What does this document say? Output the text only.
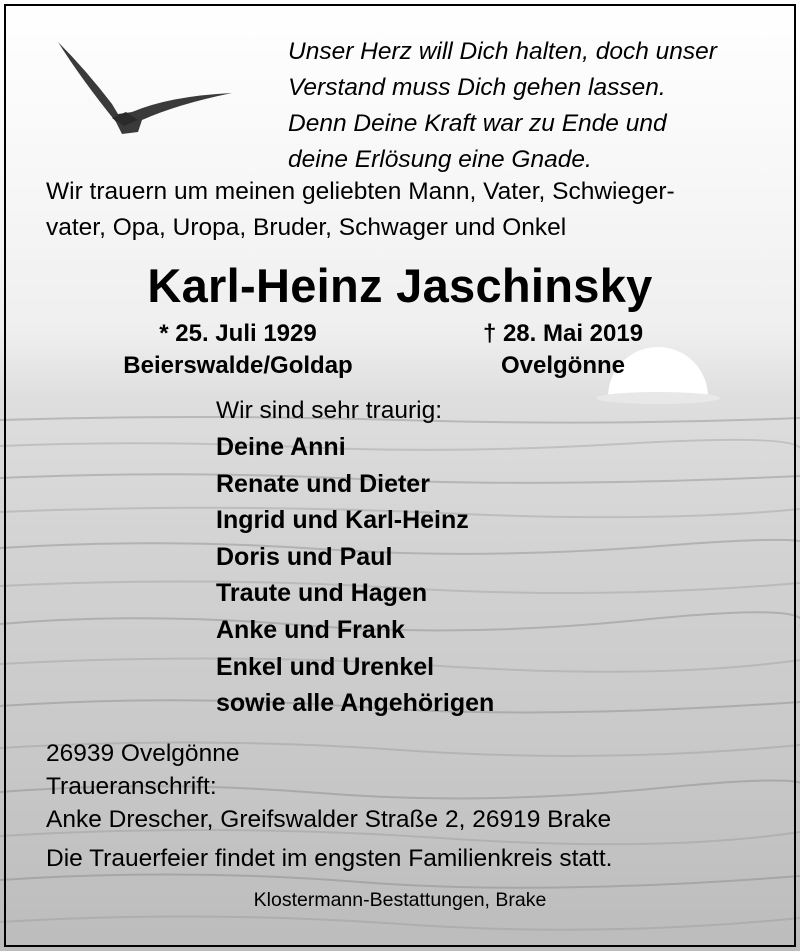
Unser Herz will Dich halten, doch unser
Verstand muss Dich gehen lassen.
Denn Deine Kraft war zu Ende und
deine Erlösung eine Gnade.
Wir trauern um meinen geliebten Mann, Vater, Schwieger-
vater, Opa, Uropa, Bruder, Schwager und Onkel
Karl-Heinz Jaschinsky
* 25. Juli 1929
Beierswalde/Goldap
† 28. Mai 2019
Ovelgönne
Wir sind sehr traurig:
Deine Anni
Renate und Dieter
Ingrid und Karl-Heinz
Doris und Paul
Traute und Hagen
Anke und Frank
Enkel und Urenkel
sowie alle Angehörigen
26939 Ovelgönne
Traueranschrift:
Anke Drescher, Greifswalder Straße 2, 26919 Brake
Die Trauerfeier findet im engsten Familienkreis statt.
Klostermann-Bestattungen, Brake
